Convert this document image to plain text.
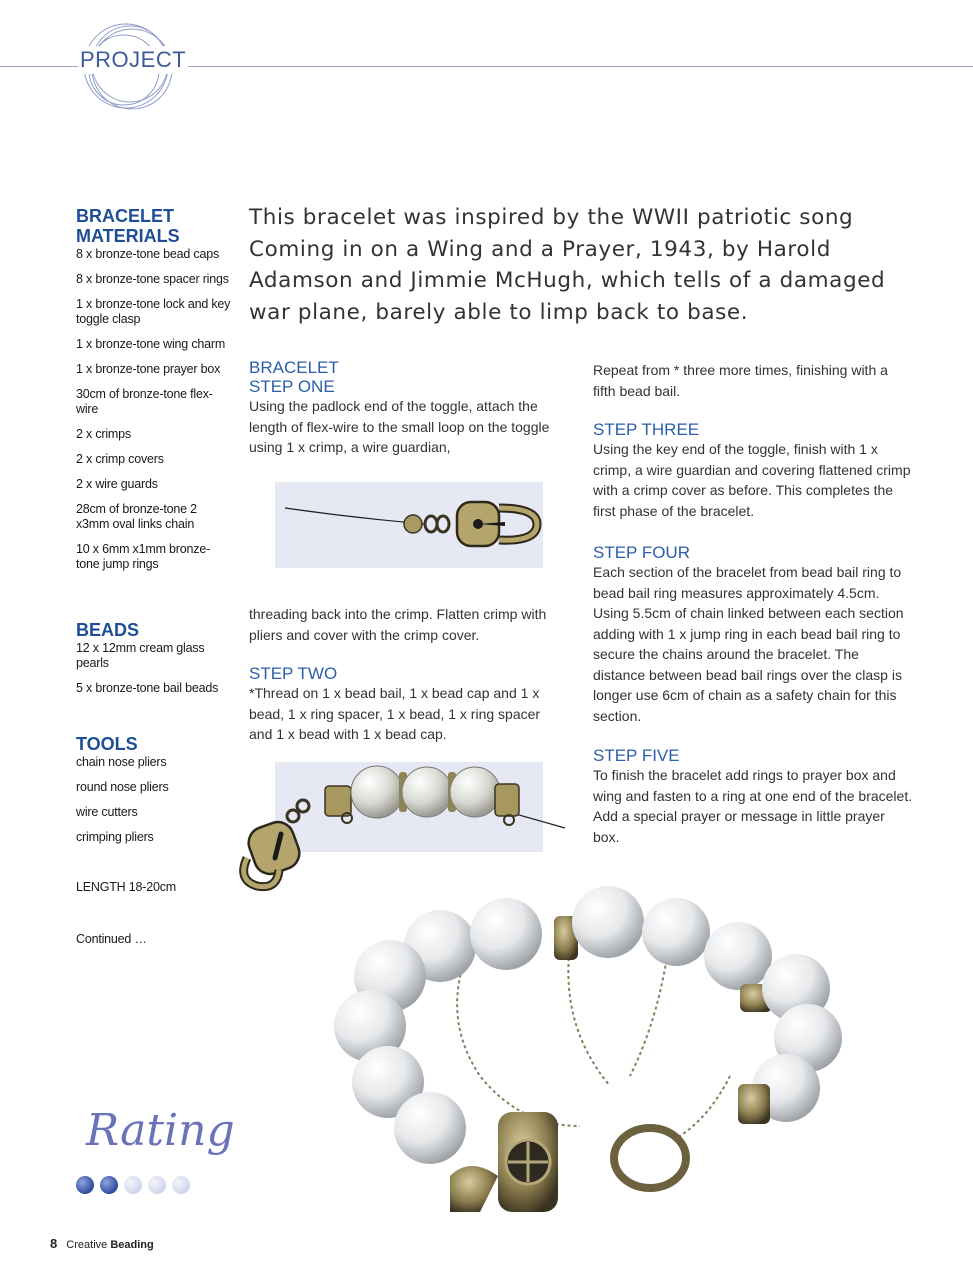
PROJECT
BRACELET MATERIALS

8 x bronze-tone bead caps

8 x bronze-tone spacer rings

1 x bronze-tone lock and key toggle clasp

1 x bronze-tone wing charm

1 x bronze-tone prayer box

30cm of bronze-tone flex-wire

2 x crimps

2 x crimp covers

2 x wire guards

28cm of bronze-tone 2 x3mm oval links chain

10 x 6mm x1mm bronze-tone jump rings

BEADS

12 x 12mm cream glass pearls

5 x bronze-tone bail beads

TOOLS

chain nose pliers

round nose pliers

wire cutters

crimping pliers

LENGTH 18-20cm
Continued …

This bracelet was inspired by the WWII patriotic song Coming in on a Wing and a Prayer, 1943, by Harold Adamson and Jimmie McHugh, which tells of a damaged war plane, barely able to limp back to base.

BRACELET
STEP ONE

Using the padlock end of the toggle, attach the length of flex-wire to the small loop on the toggle using 1 x crimp, a wire guardian,

threading back into the crimp. Flatten crimp with pliers and cover with the crimp cover.

STEP TWO

*Thread on 1 x bead bail, 1 x bead cap and 1 x bead, 1 x ring spacer, 1 x bead, 1 x ring spacer and 1 x bead with 1 x bead cap.

Repeat from * three more times, finishing with a fifth bead bail.

STEP THREE

Using the key end of the toggle, finish with 1 x crimp, a wire guardian and covering flattened crimp with a crimp cover as before. This completes the first phase of the bracelet.

STEP FOUR

Each section of the bracelet from bead bail ring to bead bail ring measures approximately 4.5cm. Using 5.5cm of chain linked between each section adding with 1 x jump ring in each bead bail ring to secure the chains around the bracelet. The distance between bead bail rings over the clasp is longer use 6cm of chain as a safety chain for this section.

STEP FIVE

To finish the bracelet add rings to prayer box and wing and fasten to a ring at one end of the bracelet. Add a special prayer or message in little prayer box.

Rating
8 Creative Beading
